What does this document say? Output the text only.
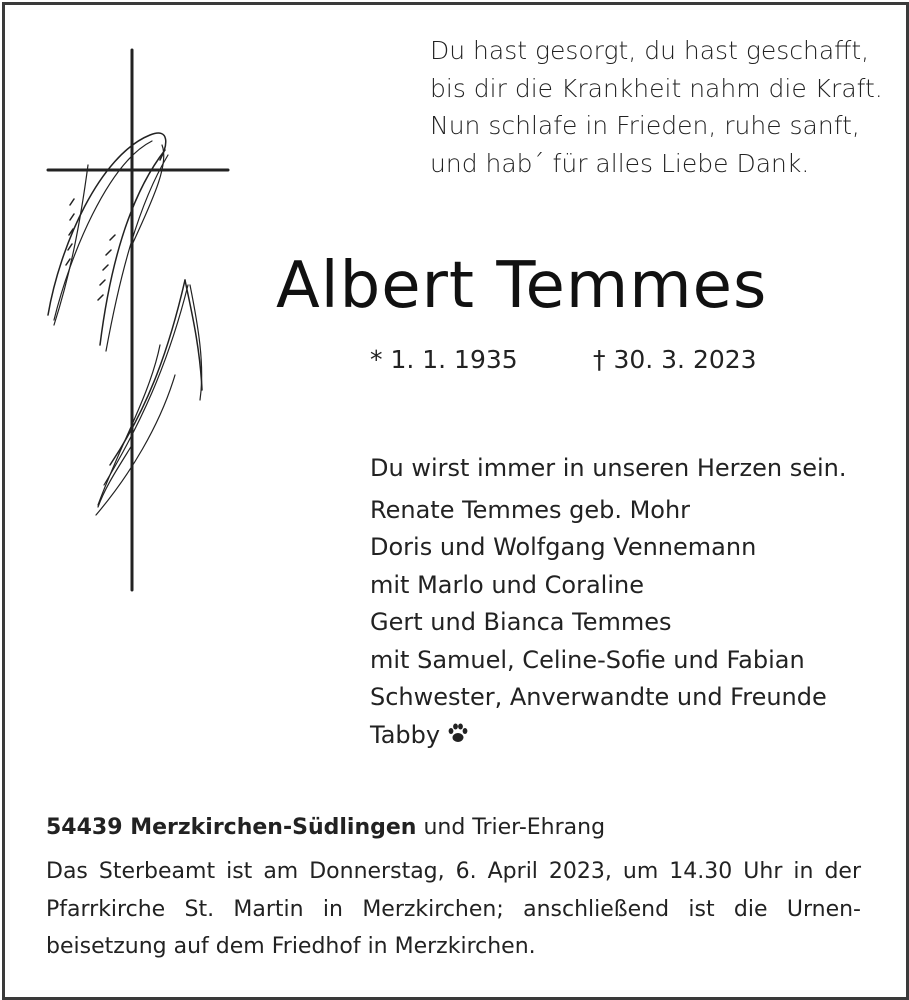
Du hast gesorgt, du hast geschafft,
bis dir die Krankheit nahm die Kraft.
Nun schlafe in Frieden, ruhe sanft,
und hab´ für alles Liebe Dank.
Albert Temmes
* 1. 1. 1935	† 30. 3. 2023
Du wirst immer in unseren Herzen sein.
Renate Temmes geb. Mohr
Doris und Wolfgang Vennemann
mit Marlo und Coraline
Gert und Bianca Temmes
mit Samuel, Celine-Sofie und Fabian
Schwester, Anverwandte und Freunde
Tabby
54439 Merzkirchen-Südlingen und Trier-Ehrang
Das Sterbeamt ist am Donnerstag, 6. April 2023, um 14.30 Uhr in der
Pfarrkirche St. Martin in Merzkirchen; anschließend ist die Urnen-
beisetzung auf dem Friedhof in Merzkirchen.
